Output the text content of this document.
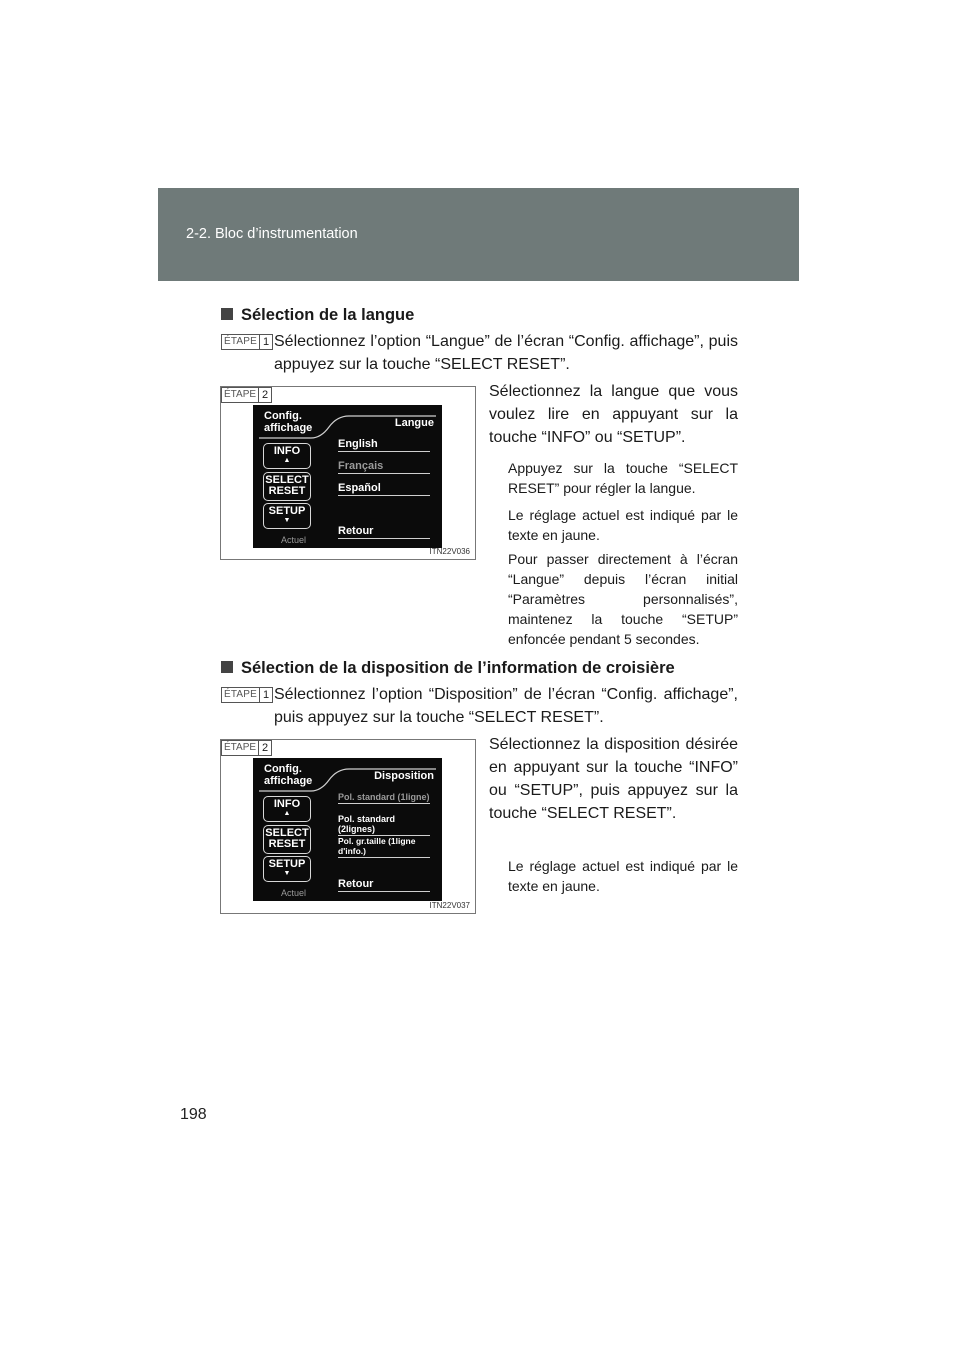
2-2. Bloc d’instrumentation
Sélection de la langue
ÉTAPE 1 Sélectionnez l’option “Langue” de l’écran “Config. affichage”, puis appuyez sur la touche “SELECT RESET”.
ÉTAPE 2
Config.
affichage	Langue
INFO
▲
SELECT
RESET
SETUP
▼
Actuel
English
Français
Español
Retour
ITN22V036
Sélectionnez la langue que vous voulez lire en appuyant sur la touche “INFO” ou “SETUP”.
Appuyez sur la touche “SELECT RESET” pour régler la langue.
Le réglage actuel est indiqué par le texte en jaune.
Pour passer directement à l’écran “Langue” depuis l’écran initial “Paramètres personnalisés”, maintenez la touche “SETUP” enfoncée pendant 5 secondes.
Sélection de la disposition de l’information de croisière
ÉTAPE 1 Sélectionnez l’option “Disposition” de l’écran “Config. affichage”, puis appuyez sur la touche “SELECT RESET”.
ÉTAPE 2
Config.
affichage	Disposition
INFO
▲
SELECT
RESET
SETUP
▼
Actuel
Pol. standard (1ligne)
Pol. standard (2lignes)
Pol. gr.taille (1ligne d'info.)
Retour
ITN22V037
Sélectionnez la disposition désirée en appuyant sur la touche “INFO” ou “SETUP”, puis appuyez sur la touche “SELECT RESET”.
Le réglage actuel est indiqué par le texte en jaune.
198
